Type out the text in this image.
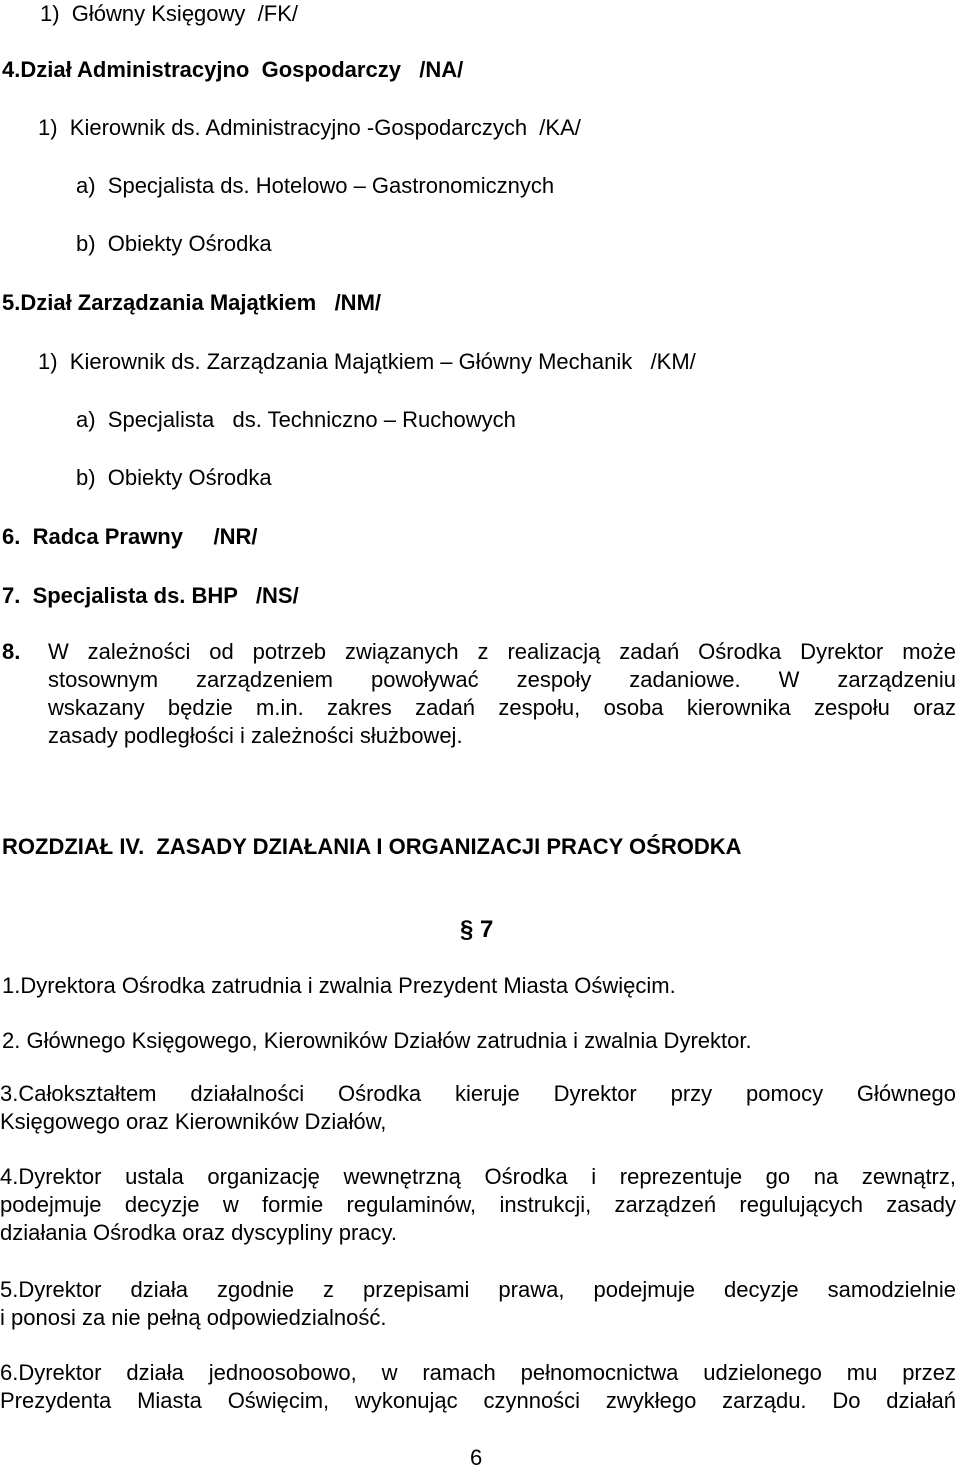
1)  Główny Księgowy  /FK/
4.Dział Administracyjno  Gospodarczy   /NA/
1)  Kierownik ds. Administracyjno -Gospodarczych  /KA/
a)  Specjalista ds. Hotelowo – Gastronomicznych
b)  Obiekty Ośrodka
5.Dział Zarządzania Majątkiem   /NM/
1)  Kierownik ds. Zarządzania Majątkiem – Główny Mechanik   /KM/
a)  Specjalista   ds. Techniczno – Ruchowych
b)  Obiekty Ośrodka
6.  Radca Prawny     /NR/
7.  Specjalista ds. BHP   /NS/
8. W zależności od potrzeb związanych z realizacją zadań Ośrodka Dyrektor może
stosownym zarządzeniem powoływać zespoły zadaniowe. W zarządzeniu
wskazany będzie m.in. zakres zadań zespołu, osoba kierownika zespołu oraz
zasady podległości i zależności służbowej.
ROZDZIAŁ IV.  ZASADY DZIAŁANIA I ORGANIZACJI PRACY OŚRODKA
§ 7
1.Dyrektora Ośrodka zatrudnia i zwalnia Prezydent Miasta Oświęcim.
2. Głównego Księgowego, Kierowników Działów zatrudnia i zwalnia Dyrektor.
3.Całokształtem działalności Ośrodka kieruje Dyrektor przy pomocy Głównego
Księgowego oraz Kierowników Działów,
4.Dyrektor ustala organizację wewnętrzną Ośrodka i reprezentuje go na zewnątrz,
podejmuje decyzje w formie regulaminów, instrukcji, zarządzeń regulujących zasady
działania Ośrodka oraz dyscypliny pracy.
5.Dyrektor działa zgodnie z przepisami prawa, podejmuje decyzje samodzielnie
i ponosi za nie pełną odpowiedzialność.
6.Dyrektor działa jednoosobowo, w ramach pełnomocnictwa udzielonego mu przez
Prezydenta Miasta Oświęcim, wykonując czynności zwykłego zarządu. Do działań
6
